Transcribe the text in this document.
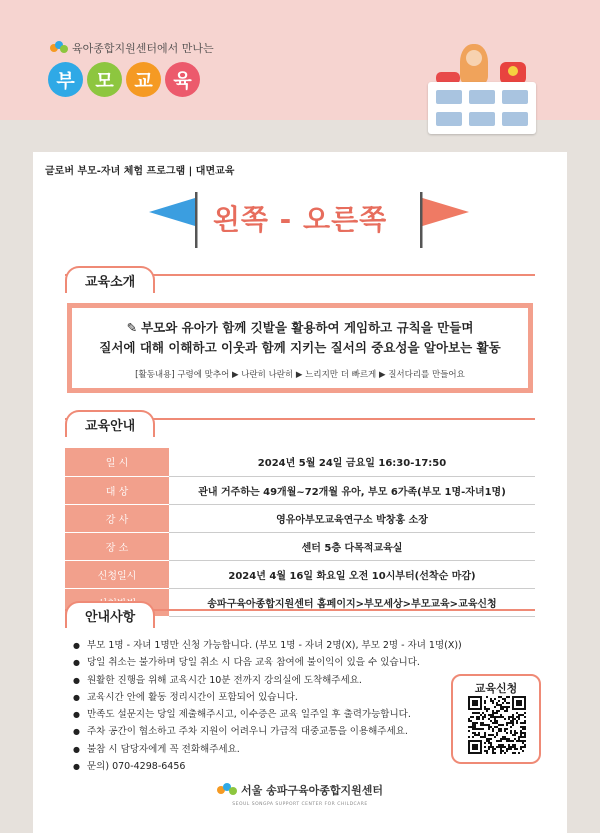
육아종합지원센터에서 만나는
부	모	교	육
글로버 부모-자녀 체험 프로그램 | 대면교육
왼쪽 - 오른쪽
교육소개
✎ 부모와 유아가 함께 깃발을 활용하여 게임하고 규칙을 만들며
질서에 대해 이해하고 이웃과 함께 지키는 질서의 중요성을 알아보는 활동
[활동내용] 구령에 맞추어 ▶ 나란히 나란히 ▶ 느리지만 더 빠르게 ▶ 질서다리를 만들어요
교육안내
일 시	2024년 5월 24일 금요일 16:30-17:50
대 상	관내 거주하는 49개월~72개월 유아, 부모 6가족(부모 1명-자녀1명)
강 사	영유아부모교육연구소 박창홍 소장
장 소	센터 5층 다목적교육실
신청일시	2024년 4월 16일 화요일 오전 10시부터(선착순 마감)
	송파구육아종합지원센터 홈페이지>부모세상>부모교육>교육신청
안내사항
● 부모 1명 - 자녀 1명만 신청 가능합니다. (부모 1명 - 자녀 2명(X), 부모 2명 - 자녀 1명(X))
● 당일 취소는 불가하며 당일 취소 시 다음 교육 참여에 불이익이 있을 수 있습니다.
● 원활한 진행을 위해 교육시간 10분 전까지 강의실에 도착해주세요.
● 교육시간 안에 활동 정리시간이 포함되어 있습니다.
● 만족도 설문지는 당일 제출해주시고, 이수증은 교육 일주일 후 출력가능합니다.
● 주차 공간이 협소하고 주차 지원이 어려우니 가급적 대중교통을 이용해주세요.
● 불참 시 담당자에게 꼭 전화해주세요.
● 문의) 070-4298-6456
교육신청
서울 송파구육아종합지원센터
SEOUL SONGPA SUPPORT CENTER FOR CHILDCARE
